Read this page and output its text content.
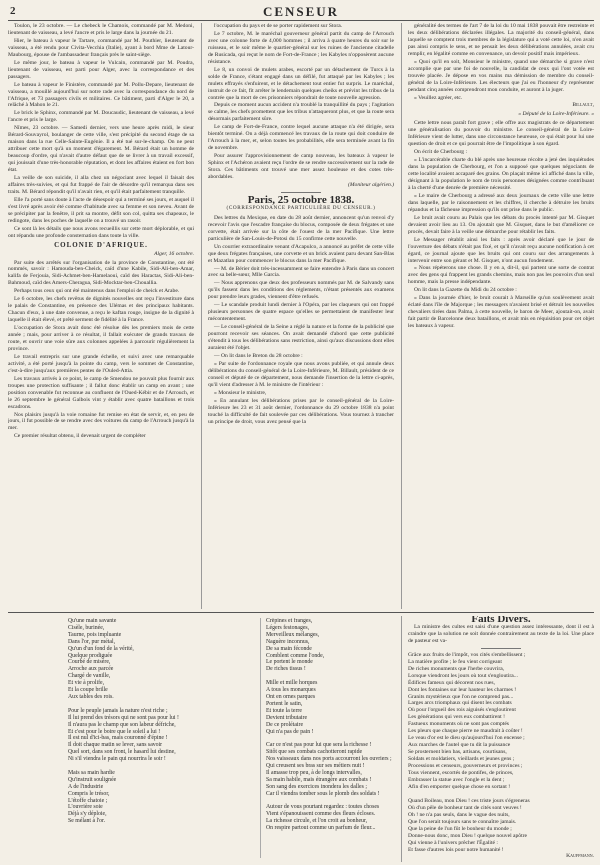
2	CENSEUR

Toulon, le 23 octobre. — Le chebeck le Chamois, commandé par M. Medoni, lieutenant de vaisseau, a levé l'ancre et pris le large dans la journée du 21.

Hier, le bateau à vapeur le Tartare, commandé par M. Pouthier, lieutenant de vaisseau, a été rendu pour Civita-Vecchia (Italie), ayant à bord Mme de Latour-Maubourg, épouse de l'ambassadeur français près le saint-siège.

Le même jour, le bateau à vapeur le Vulcain, commandé par M. Poudra, lieutenant de vaisseau, est parti pour Alger, avec la correspondance et des passagers.

Le bateau à vapeur le Finistère, commandé par M. Pollu-Depare, lieutenant de vaisseau, a mouillé aujourd'hui sur notre rade avec la correspondance du nord de l'Afrique, et 73 passagers civils et militaires. Ce bâtiment, parti d'Alger le 20, a relâché à Mahon le 21.

Le brick le Sphinx, commandé par M. Doucaudic, lieutenant de vaisseau, a levé l'ancre et pris le large.

Nîmes, 23 octobre. — Samedi dernier, vers une heure après midi, le sieur Bérard-Souvayrol, boulanger de cette ville, s'est précipité du second étage de sa maison dans la rue Celle-Sainte-Eugénie. Il a été tué sur-le-champ. On ne peut attribuer cette mort qu'à un moment d'égarement. M. Bérard était un homme de beaucoup d'ordre, qui n'avait d'autre défaut que de se livrer à un travail excessif, qui jouissait d'une très-honorable réputation, et dont les affaires étaient en fort bon état.

La veille de son suicide, il alla chez un négociant avec lequel il faisait des affaires très-suivies, et qui fut frappé de l'air de désordre qu'il remarqua dans ses traits. M. Bérard répondit qu'il n'avait rien, et qu'il était parfaitement tranquille.

Elle l'a porté sans doute à l'acte de désespoir qui a terminé ses jours, et auquel il s'est livré après avoir été comme d'habitude avec sa femme et son neveu. Avant de se précipiter par la fenêtre, il prit sa montre, défit son col, quitta ses chapeaux, le redingote, dans les poches de laquelle on a trouvé un rasoir.

Ce sont là les détails que nous avons recueillis sur cette mort déplorable, et qui ont répandu une profonde consternation dans toute la ville.

COLONIE D'AFRIQUE.
Alger, 16 octobre.

Par suite des arrêtés sur l'organisation de la province de Constantine, ont été nommés, savoir : Hamouda-ben-Cheick, caïd d'une Kabile, Sidi-Ali-ben-Amar, kalifa de Ferjouia, Sidi-Achmet-ben-Hamelaoui, caïd des Haractas, Sidi-Ali-ben-Bahmoud, caïd des Amers-Cheragua, Sidi-Mocktar-ben-Chouallia.

Perhaps tous ceux qui ont été maintenus dans l'emploi de cheick et Arabe.

Le 6 octobre, les chefs revêtus de dignités nouvelles ont reçu l'investiture dans le palais de Constantine, en présence des Ulémas et des principaux habitants. Chacun d'eux, à une date convenue, a reçu le kaftan rouge, insigne de la dignité à laquelle il était élevé, et prêté serment de fidélité à la France.

L'occupation de Stora avait donc été résolue dès les premiers mois de cette année ; mais, pour arriver à ce résultat, il fallait exécuter de grands travaux de route, et ouvrir une voie sûre aux colonnes appelées à parcourir régulièrement la province.

Le travail entrepris sur une grande échelle, et suivi avec une remarquable activité, a été porté jusqu'à la pointe du camp, vers le sommet de Constantine, c'est-à-dire jusqu'aux premières pentes de l'Ouled-Attia.

Les travaux arrivés à ce point, le camp de Smendou ne pouvait plus fournir aux troupes une protection suffisante ; il fallut donc établir un camp en avant ; une position convenable fut reconnue au confluent de l'Oued-Kébir et de l'Arrouch, et le 26 septembre le général Galbois vint y établir avec quatre bataillons et trois escadrons.

Nos plaisirs jusqu'à la voie romaine fut remise en état de servir, et, en peu de jours, il fut possible de se rendre avec des voitures du camp de l'Arrouch jusqu'à la mer.

Ce premier résultat obtenu, il devenait urgent de compléter

l'occupation du pays et de se porter rapidement sur Stora.

Le 7 octobre, M. le maréchal gouverneur général partit du camp de l'Arrouch avec une colonne forte de 4,000 hommes ; il arriva à quatre heures du soir sur le ruisseau, et le soir même le quartier-général sur les ruines de l'ancienne citadelle de Rusicada, qui reçut le nom de Fort-de-France ; les Kabyles n'opposèrent aucune résistance.

Le 8, un convoi de mulets arabes, escorté par un détachement de Turcs à la solde de France, s'étant engagé dans un défilé, fut attaqué par les Kabyles ; les mulets effrayés s'enfuirent, et le détachement tout entier fut surpris. Le maréchal, instruit de ce fait, fit arrêter le lendemain quelques cheiks et prévint les tribus de la contrée que la mort de ces prisonniers répondrait de toute nouvelle agression.

Depuis ce moment aucun accident n'a troublé la tranquillité du pays ; l'agitation se calme, les chefs promettent que les tribus n'attaqueront plus, et que la route sera désormais parfaitement sûre.

Le camp de Fort-de-France, contre lequel aucune attaque n'a été dirigée, sera bientôt terminé. On a déjà commencé les travaux de la route qui doit conduire de l'Arrouch à la mer, et, selon toutes les probabilités, elle sera terminée avant la fin de novembre.

Pour assurer l'approvisionnement de camp nouveau, les bateaux à vapeur le Sphinx et l'Achéron avaient reçu l'ordre de se rendre successivement sur la rade de Stora. Ces bâtiments ont trouvé une mer assez houleuse et des cotes très-abordables.

(Moniteur algérien.)
Paris, 25 octobre 1838.
(CORRESPONDANCE PARTICULIÈRE DU CENSEUR.)

Des lettres du Mexique, en date du 28 août dernier, annoncent qu'un renvoi d'y recevoir l'avis que l'escadre française du blocus, composée de deux frégates et une corvette, était arrivée sur la côte de l'ouest de la mer Pacifique. Une lettre particulière de San-Louis-de-Potosi du 15 confirme cette nouvelle.

Un courrier extraordinaire venant d'Acapulco, a annoncé au préfet de cette ville que deux frégates françaises, une corvette et un brick avaient paru devant San-Blas et Mazatlan pour commencer le blocus dans la mer Pacifique.

— M. de Bérier doit très-incessamment se faire entendre à Paris dans un concert avec sa belle-sœur, Mlle Garcia.

— Nous apprenons que deux des professeurs nommés par M. de Salvandy sans qu'ils fassent dans les conditions des réglements, n'étant présentés aux examens pour prendre leurs grades, viennent d'être refusés.

— Le scandale produit lundi dernier à l'Opéra, par les claqueurs qui ont frappé plusieurs personnes de quatre espace qu'elles se permettaient de manifester leur mécontentement.

— Le conseil-général de la Seine a réglé la nature et la forme de la publicité que pourront recevoir ses séances. On avait demandé d'abord que cette publicité s'étendit à tous les délibérations sans restriction, ainsi qu'aux discussions dont elles auraient été l'objet.

— On lit dans le Breton du 28 octobre :

« Par suite de l'ordonnance royale que nous avons publiée, et qui annule deux délibérations du conseil-général de la Loire-Inférieure, M. Billault, président de ce conseil et député de ce département, nous demande l'insertion de la lettre ci-après, qu'il vient d'adresser à M. le ministre de l'intérieur :

« Monsieur le ministre,

« En annulant les délibérations prises par le conseil-général de la Loire-Inférieure les 23 et 31 août dernier, l'ordonnance du 29 octobre 1838 n'a point touché la difficulté de fait soulevée par ces délibérations. Vous tournez à trancher un principe de droit, vous avez pensé que la

généralité des termes de l'art 7 de la loi du 10 mai 1838 pouvait être restreinte et les deux délibérations déclarées illégales. La majorité du conseil-général, dans laquelle se comptent trois membres de la législature qui a voté cette loi, n'en avait pas ainsi compris le sens, et ne pensait les deux délibérations annulées, avait cru remplir, en légalité comme en convenance, un devoir positif mais impérieux.

« Quoi qu'il en soit, Monsieur le ministre, quand une démarche si grave n'est accomplie que par une foi de nouvelle, la candidat de ceux qui l'ont votée est trouvée placée. Je dépose en vos mains ma démission de membre du conseil-général de la Loire-Inférieure. Les électeurs que j'ai eu l'honneur d'y représenter pendant cinq années comprendront mon conduite, et auront à la juger.

« Veuillez agréer, etc.

Billault,
« Député de la Loire-Inférieure. »

Cette lettre nous paraît fort grave ; elle offre aux magistrats de ce département une généralisation du pouvoir du ministre. Le conseil-général de la Loire-Inférieure vient de lutter, dans une circonstance heureuse, ce qui était pour lui une question de droit et ce qui pourrait être de l'impolitique à son égard.

On écrit de Cherbourg :

« L'incarcérable charte du blé après une heureuse récolte a jeté des inquiétudes dans la population de Cherbourg, et l'on a supposé que quelques négociants de cette localité avaient accaparé des grains. On plaçait même ici affiché dans la ville, désignant à la population le nom de trois personnes désignées comme contribuant à la cherté d'une denrée de première nécessité.

« Le maire de Cherbourg a adressé aux deux journaux de cette ville une lettre dans laquelle, par le raisonnement et les chiffres, il cherche à détruire les bruits répandus et la fâcheuse impression qu'ils ont prise dans le public.

Le bruit avait couru au Palais que les débats du procès intenté par M. Gisquet devaient avoir lieu au 13. On ajoutait que M. Gisquet, dans le but d'améliorer ce procès, devait faire à la veille une démarche pour rétablir les faits.

Le Messager rétablit ainsi les faits : après avoir déclaré que le jour de l'ouverture des débats n'était pas fixé, et qu'il n'avait reçu aucune notification à cet égard, ce journal ajoute que les bruits qui ont couru sur des arrangements à intervenir entre son gérant et M. Gisquet, n'ont aucun fondement.

« Nous répéterons une chose. Il y en a, dit-il, qui partent une sorte de contrat avec des gens qui frappent les grands chemins, mais non pas les pouvoirs d'un seul homme, mais la presse indépendante.

On lit dans la Gazette du Midi du 24 octobre :

« Dans la journée d'hier, le bruit courait à Marseille qu'un soulèvement avait éclaté dans l'île de Majorque ; les messagers n'avaient brisé et détruit les nouvelles chevaliers tirées dans Palma, à cette nouvelle, le baron de Meer, ajoutait-on, avait fait partir de Barcelonne deux bataillons, et avait mis en réquisition pour cet objet les bateaux à vapeur.

Qu'une main savante
Cisèle, burinée,
Taurne, pois impluante
Dans l'or, pur métal,
Qu'un d'un fond de la vérité,
Quelque prodiguée
Courbé de misère,
Arroche aux parcée
Chargé de vanille,
Et vie à prolife,
Et la coupe brille
Aux tables des rois.

Pour le peuple jamais la nature n'est riche ;
Il lui prend des trésors qui ne sont pas pour lui !
Il n'aura pas le champ que son labeur défriche,
Et c'est pour le boire que le soleil a lui !
Il est nul d'ici-bas, mais couronné d'épine !
Il doit chaque matin se lever, sans savoir
Quel sort, dans son front, le hasard lui destine,
Ni s'il viendra le pain qui nourrira le soir !

Mais sa main hardie
Qu'instruit soulignée
A de l'industrie
Compris le trésor,
L'étoffe chatoie ;
L'ouvrière soie
Déjà s'y déploie,
Se mélant à l'or.
Crêpines et franges,
Légers festonages,
Merveilleux mélanges,
Naguère inconnus,
De sa main féconde
Comblent comme l'onde,
Le portent le monde
De riches tissus !

Mille et mille horques
A tous les monarques
Ont en ornes parques
Portent le satin,
Et toute la terre
Devient tributaire
De ce prolétaire
Qui n'a pas de pain !

Car ce n'est pas pour lui que sera la richesse !
Sitôt que ses combats cachotteront rapide
Nos vaisseaux dans nos ports accourront les ouvriers ;
Qui creusent ses bras sur ses métiers nuit !
Il amasse trop peu, à de longs intervalles,
Sa main habile, mais étrangère aux combats !
Son sang des exercices inondera les dalles ;
Car il viendra tomber sous le plomb des soldats !

Autour de vous pourtant regardez : toutes choses
Vient s'épanouissent comme des fleurs écloses.
La richesse circule, et l'on croit au bonheur,
On respire partout comme un parfum de fleur...
Faits Divers.

La ministre des cultes est saisi d'une question assez intéressante, dont il est à craindre que la solution ne soit donnée contrairement au texte de la loi. Une place de pasteur est va-

Grâce aux fruits de l'impôt, vos cités s'embellissent ;
La matière profite ; le feu vient corrigeant
De riches monuments que l'herbe couvrira,
Lorsque viendront les jours où tout s'engloutira...
Édifices fameux qui décorent nos rues,
Dont les fontaines sur leur hauteur les charmes !
Granits mystérieux que l'on ne comprend pas...
Larges arcs triomphaux qui disent les combats
Où pour l'orgueil des rois aiguisés s'engloutirent
Les générations qui vers eux combattirent !
Fastueux monuments où ne sont pas comptés
Les pleurs que chaque pierre ne maudrait à coûter !
Le veau d'or est le dieu qu'aujourd'hui l'on encense ;
Aux marches de l'autel que tu dit la puissance
Se prosternent bien bas, artisans, courtisans,
Soldats et moldatiers, vieillards et jeunes gens ;
Processions et censeurs, gouverneurs et provinces ;
Tous viennent, escortés de pontifes, de princes,
Embrasser la statue avec l'ongle et la dent ;
Afin d'en emporter quelque chose en sortant !

Quand Boileau, mon Dieu ! ces triste jours s'égreneras
Où d'un pêle de bonheur tant de cités sont veuves !
Oh ! ne n'a pas seuls, dans le vague des nuits,
Que l'on serait toujours sans te connaître jamais.
Que la peine de l'un fût le bonheur du monde ;
Donne-nous donc, mon Dieu ! quelque nouvel apôtre
Qui vienne à l'univers prêcher l'Égalité :
Et fasse d'autres lois pour notre humanité !
Kauffmann.
